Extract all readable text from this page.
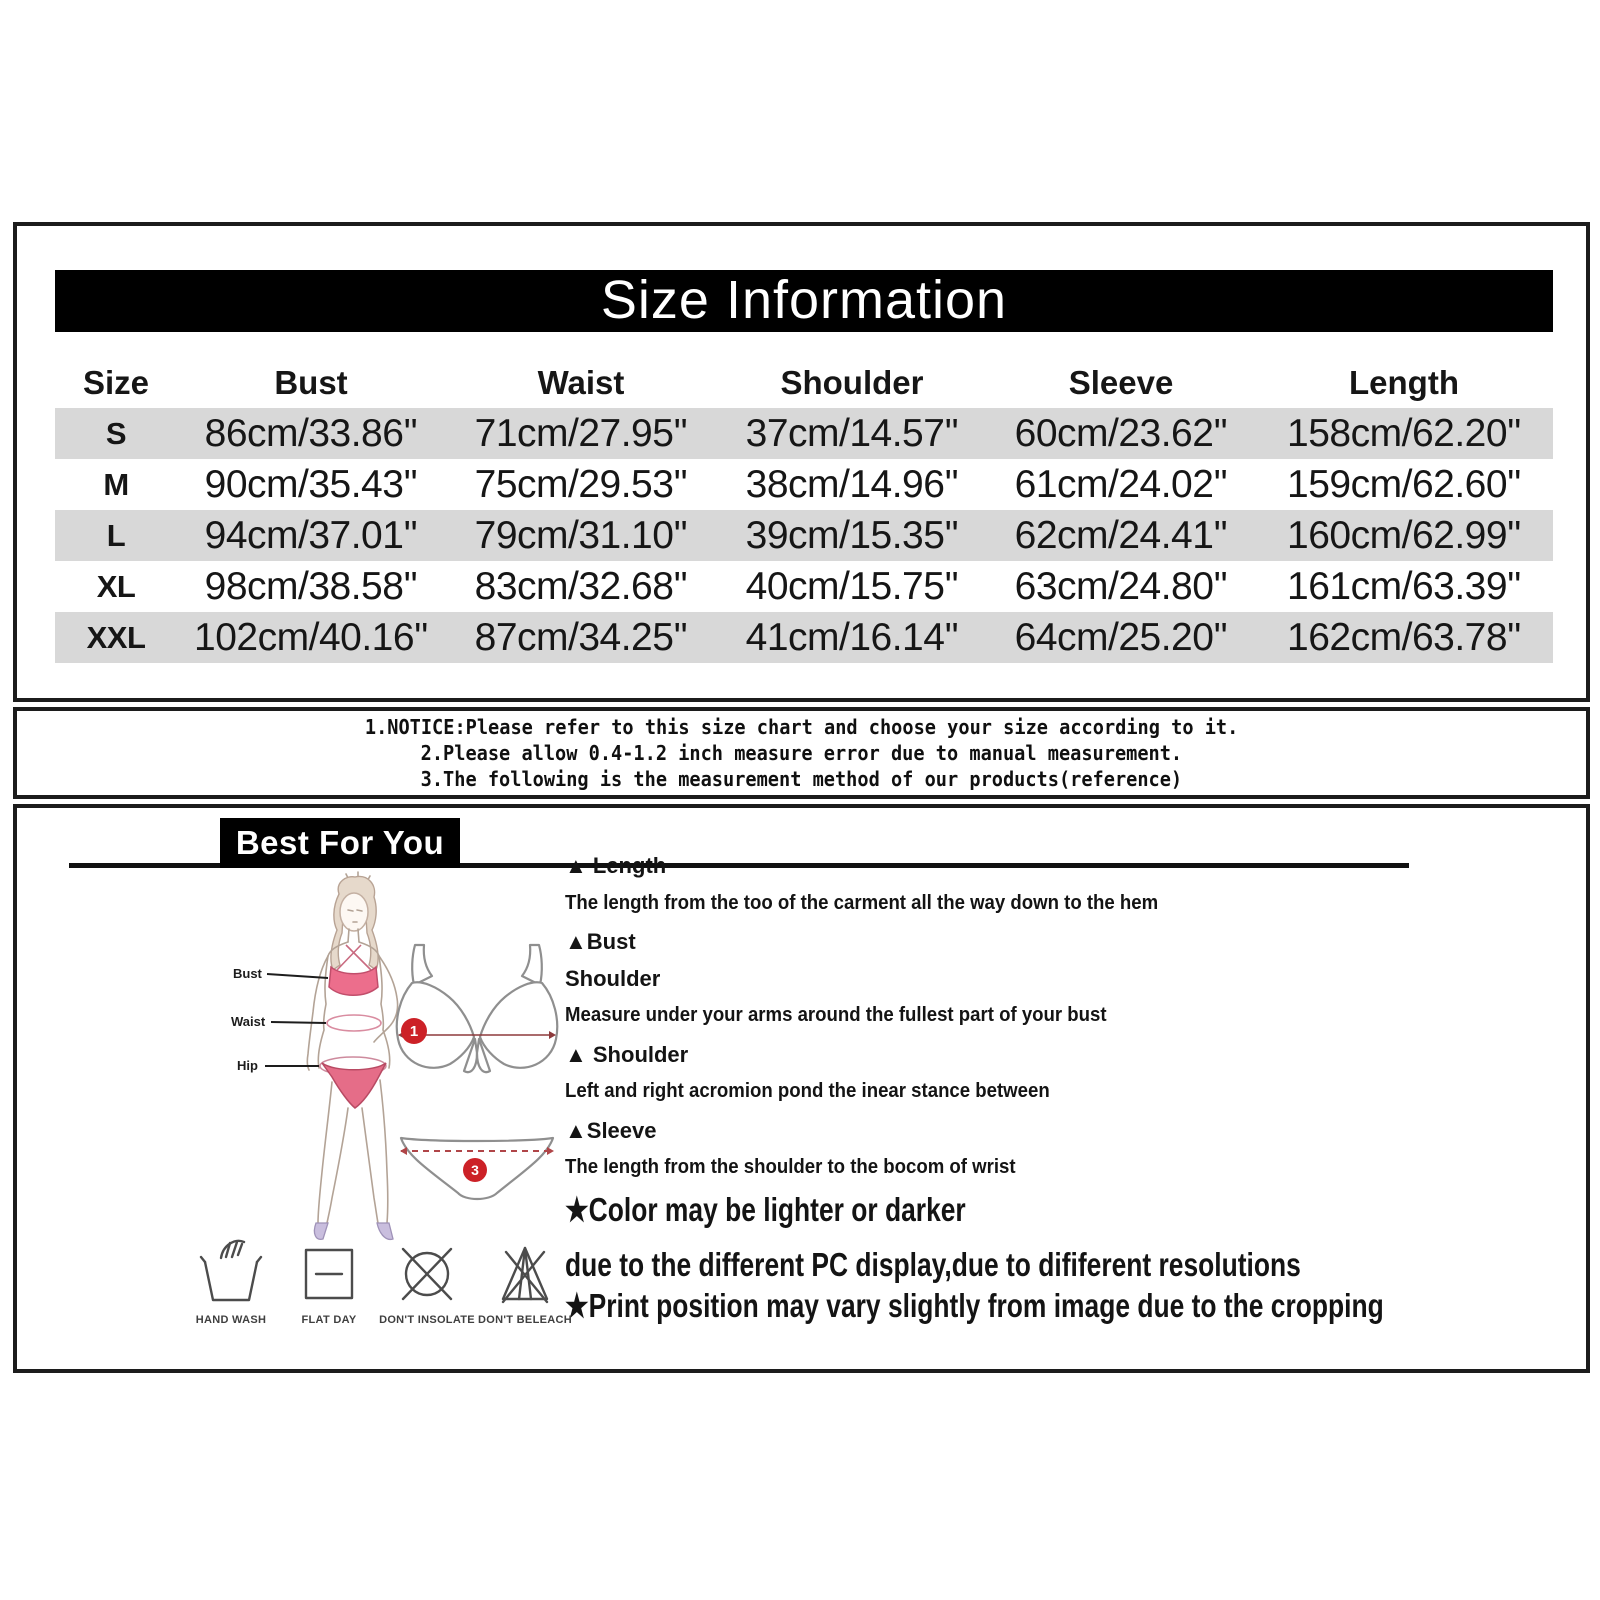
Size Information
Size	Bust	Waist	Shoulder	Sleeve	Length
S	86cm/33.86''	71cm/27.95''	37cm/14.57''	60cm/23.62''	158cm/62.20''
M	90cm/35.43''	75cm/29.53''	38cm/14.96''	61cm/24.02''	159cm/62.60''
L	94cm/37.01''	79cm/31.10''	39cm/15.35''	62cm/24.41''	160cm/62.99''
XL	98cm/38.58''	83cm/32.68''	40cm/15.75''	63cm/24.80''	161cm/63.39''
XXL	102cm/40.16''	87cm/34.25''	41cm/16.14''	64cm/25.20''	162cm/63.78''
1.NOTICE:Please refer to this size chart and choose your size according to it.
2.Please allow 0.4-1.2 inch measure error due to manual measurement.
3.The following is the measurement method of our products(reference)
Best For You
Bust
Waist
Hip
1
3
▲ Length
The length from the too of the carment all the way down to the hem
▲Bust
Shoulder
Measure under your arms around the fullest part of your bust
▲ Shoulder
Left and right acromion pond the inear stance between
▲Sleeve
The length from the shoulder to the bocom of wrist
★Color may be lighter or darker
due to the different PC display,due to dififerent resolutions
★Print position may vary slightly from image due to the cropping
HAND WASH	FLAT DAY DON'T INSOLATE DON'T BELEACH
